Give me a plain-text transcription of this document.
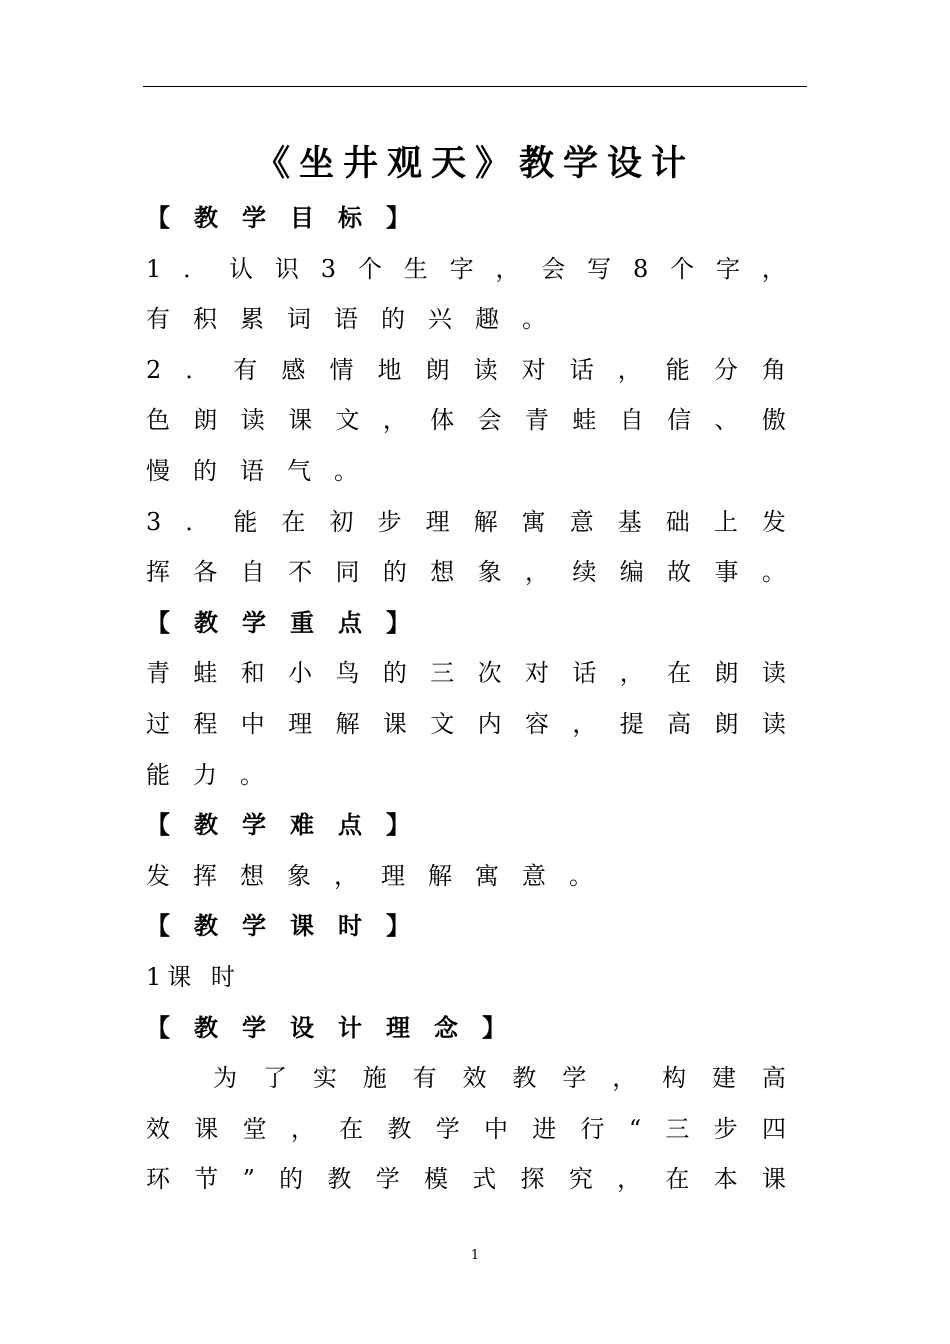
《坐井观天》教学设计
【教学目标】
1 ． 认 识 3 个 生 字 ， 会 写 8 个 字 ，
有积累词语的兴趣。
2 ． 有 感 情 地 朗 读 对 话 ， 能 分 角
色 朗 读 课 文 ， 体 会 青 蛙 自 信 、 傲
慢的语气。
3 ． 能 在 初 步 理 解 寓 意 基 础 上 发
挥 各 自 不 同 的 想 象 ， 续 编 故 事 。
【教学重点】
青 蛙 和 小 鸟 的 三 次 对 话 ， 在 朗 读
过 程 中 理 解 课 文 内 容 ， 提 高 朗 读
能力。
【教学难点】
发挥想象，理解寓意。
【教学课时】
1课 时
【教学设计理念】

为 了 实 施 有 效 教 学 ， 构 建 高
效 课 堂 ， 在 教 学 中 进 行 “ 三 步 四
环 节 ” 的 教 学 模 式 探 究 ， 在 本 课
1
